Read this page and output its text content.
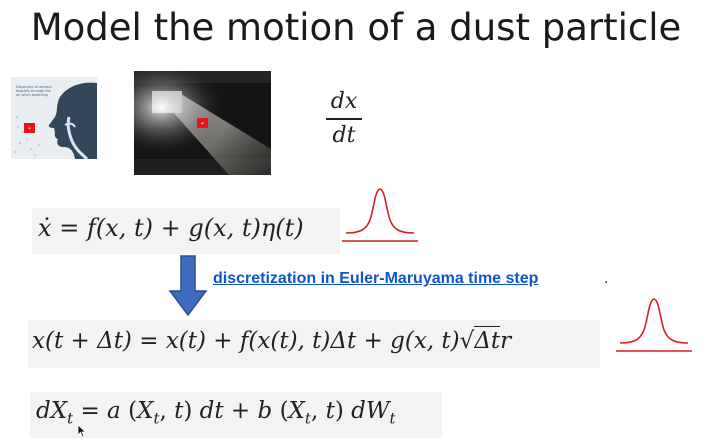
Model the motion of a dust particle
Dispersion of aerosol
droplets through the
air when breathing	dx
dt
ẋ = f(x, t) + g(x, t)η(t)
discretization in Euler-Maruyama time step	.
x(t + Δt) = x(t) + f(x(t), t)Δt + g(x, t)√Δtr
$dX_t = a$ ($X_t$, t) dt + b ($X_t$, t) $dW_t$
